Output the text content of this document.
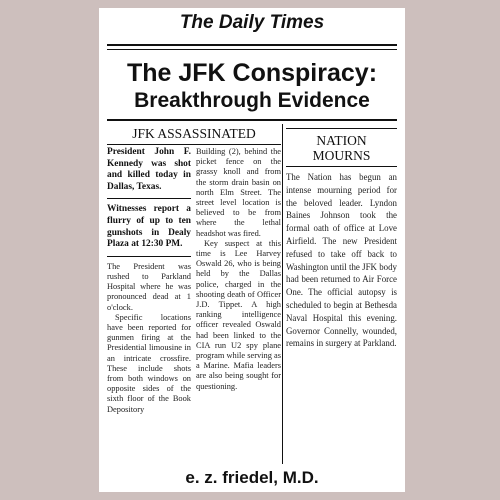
The Daily Times
The JFK Conspiracy:
Breakthrough Evidence
JFK ASSASSINATED

President John F. Kennedy was shot and killed today in Dallas, Texas.

Witnesses report a flurry of up to ten gunshots in Dealy Plaza at 12:30 PM.

The President was rushed to Parkland Hospital where he was pronounced dead at 1 o'clock.

Specific locations have been reported for gunmen firing at the Presidential limousine in an intricate crossfire. These include shots from both windows on opposite sides of the sixth floor of the Book Depository

Building (2), behind the picket fence on the grassy knoll and from the storm drain basin on north Elm Street. The street level location is believed to be from where the lethal headshot was fired.

Key suspect at this time is Lee Harvey Oswald 26, who is being held by the Dallas police, charged in the shooting death of Officer J.D. Tippet. A high ranking intelligence officer revealed Oswald had been linked to the CIA run U2 spy plane program while serving as a Marine. Mafia leaders are also being sought for questioning.

NATION MOURNS

The Nation has begun an intense mourning period for the beloved leader. Lyndon Baines Johnson took the formal oath of office at Love Airfield. The new President refused to take off back to Washington until the JFK body had been returned to Air Force One. The official autopsy is scheduled to begin at Bethesda Naval Hospital this evening. Governor Connelly, wounded, remains in surgery at Parkland.

e. z. friedel, M.D.
